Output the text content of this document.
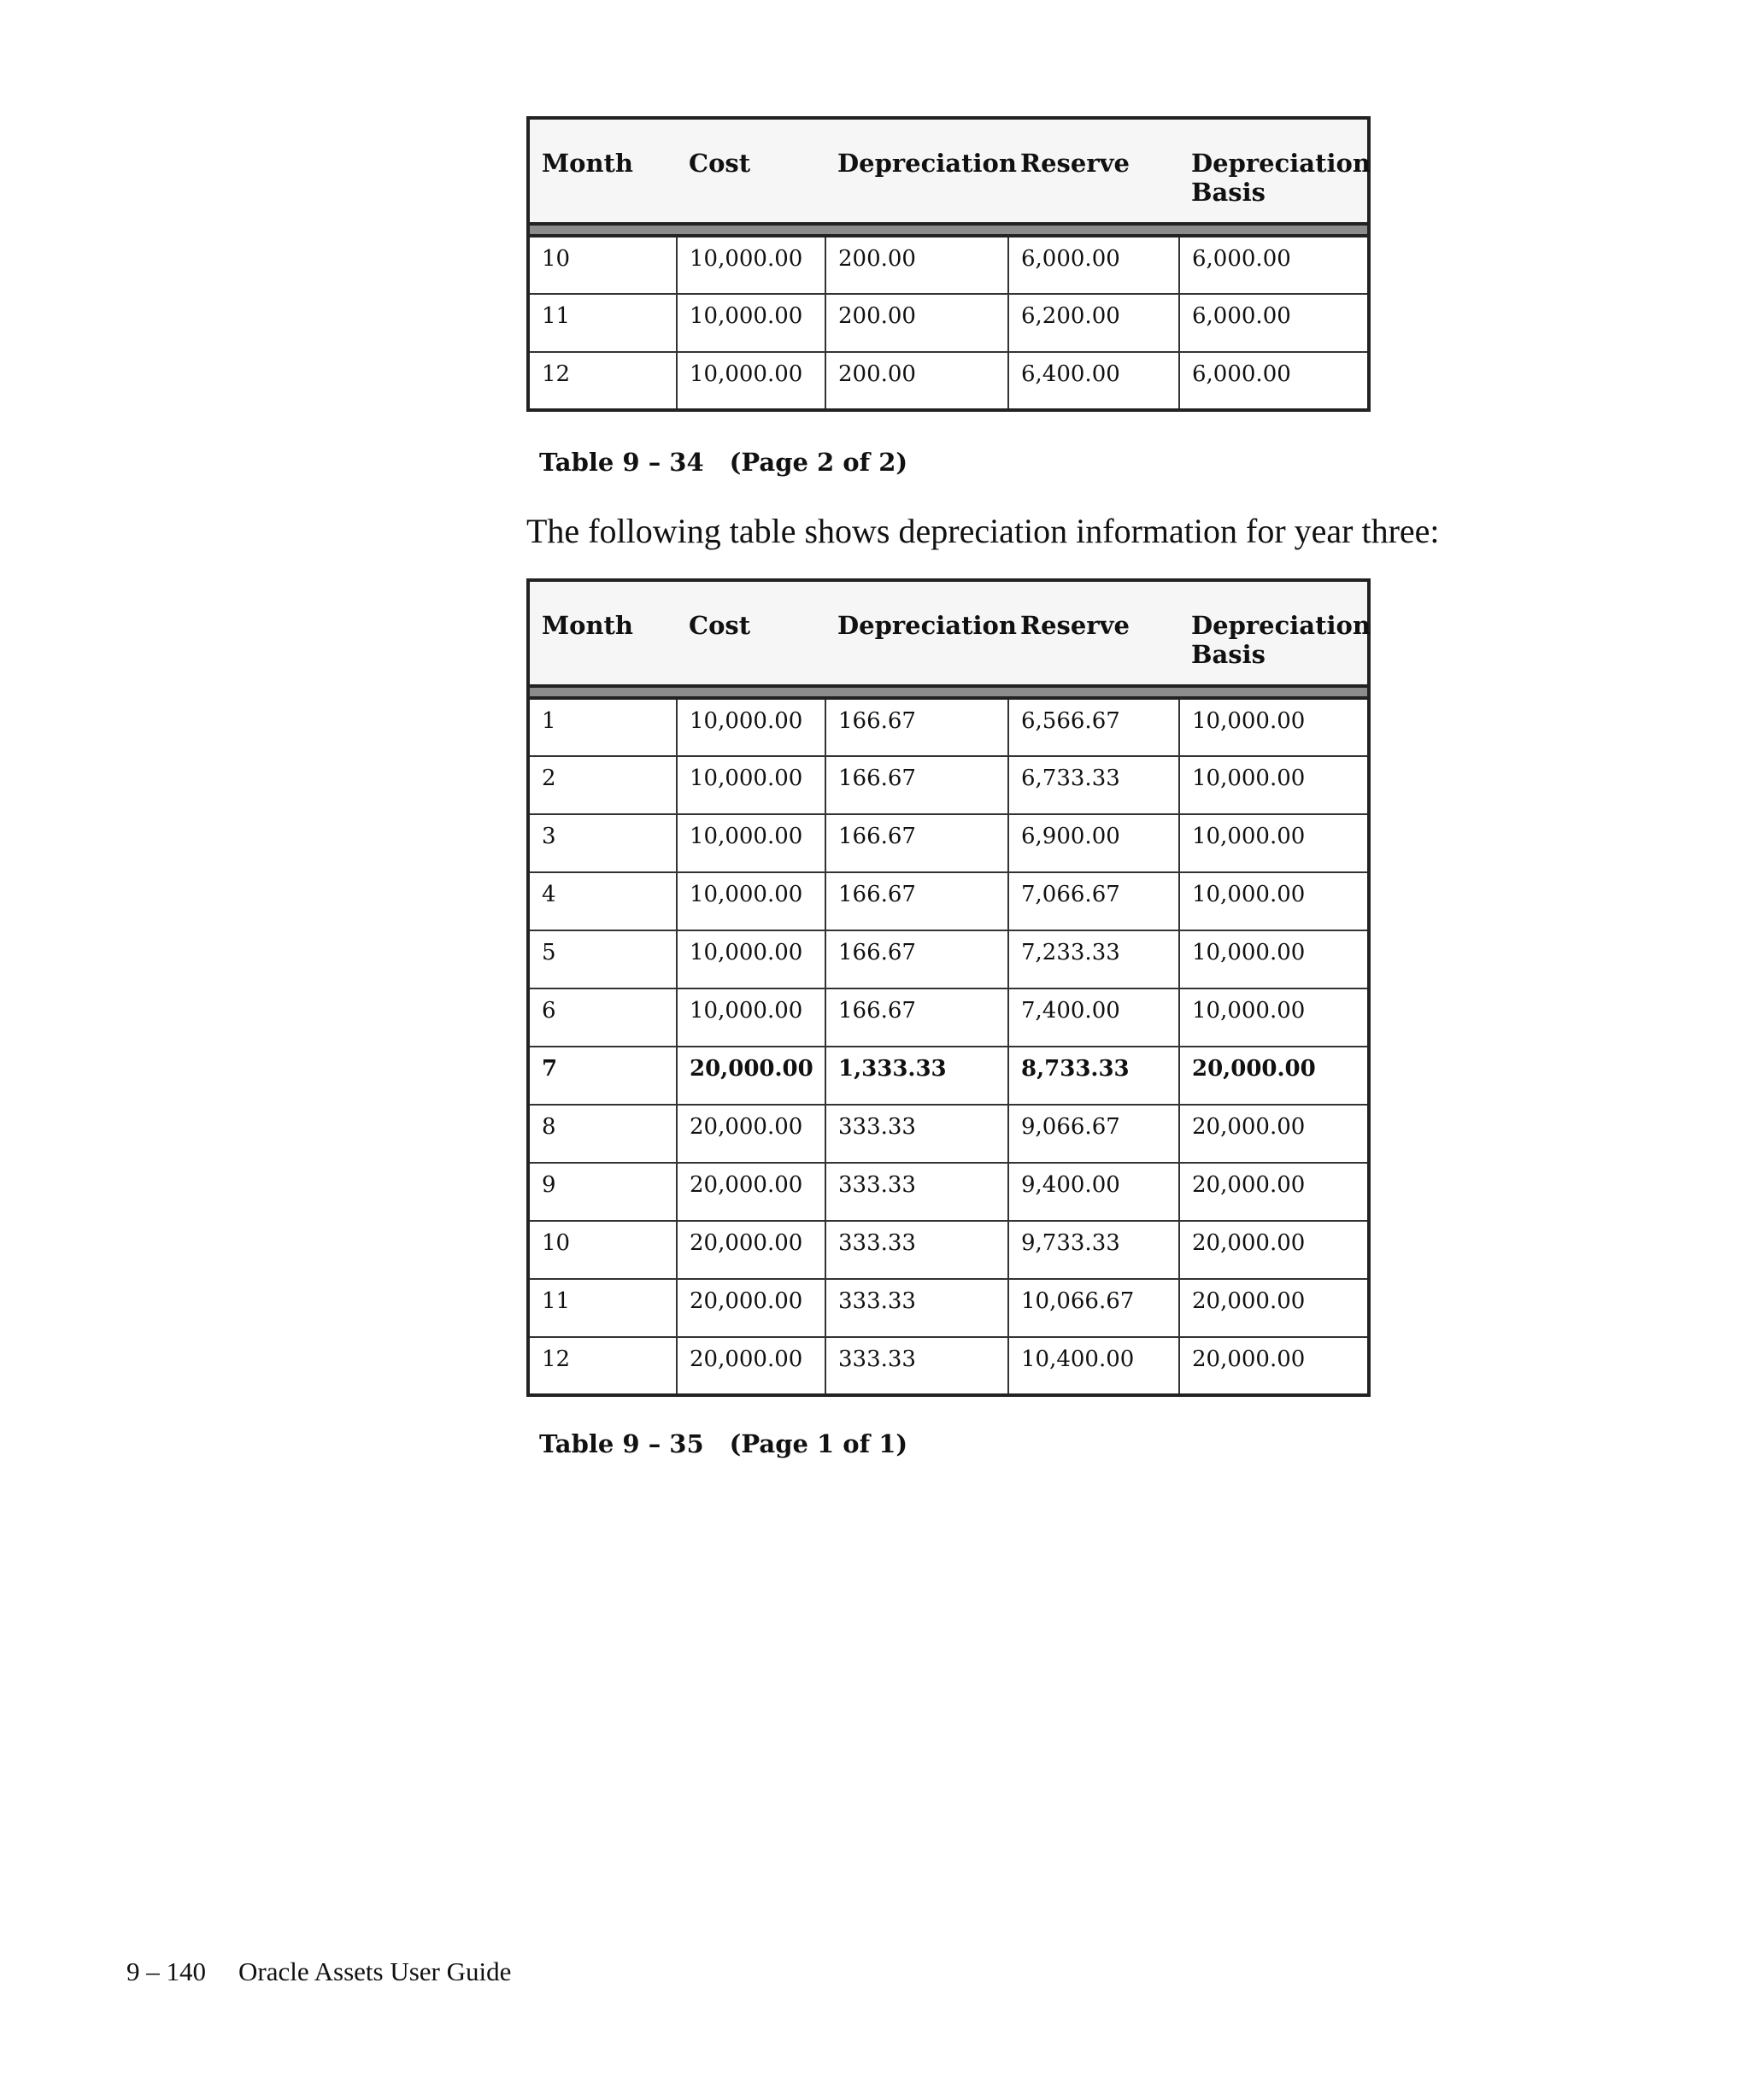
Month	Cost	Depreciation	Reserve	Depreciation Basis

10	10,000.00	200.00	6,000.00	6,000.00
11	10,000.00	200.00	6,200.00	6,000.00
12	10,000.00	200.00	6,400.00	6,000.00
Table 9 – 34 (Page 2 of 2)
The following table shows depreciation information for year three:
Month	Cost	Depreciation	Reserve	Depreciation Basis

1	10,000.00	166.67	6,566.67	10,000.00
2	10,000.00	166.67	6,733.33	10,000.00
3	10,000.00	166.67	6,900.00	10,000.00
4	10,000.00	166.67	7,066.67	10,000.00
5	10,000.00	166.67	7,233.33	10,000.00
6	10,000.00	166.67	7,400.00	10,000.00
7	20,000.00	1,333.33	8,733.33	20,000.00
8	20,000.00	333.33	9,066.67	20,000.00
9	20,000.00	333.33	9,400.00	20,000.00
10	20,000.00	333.33	9,733.33	20,000.00
11	20,000.00	333.33	10,066.67	20,000.00
12	20,000.00	333.33	10,400.00	20,000.00
Table 9 – 35 (Page 1 of 1)
9 – 140 Oracle Assets User Guide
